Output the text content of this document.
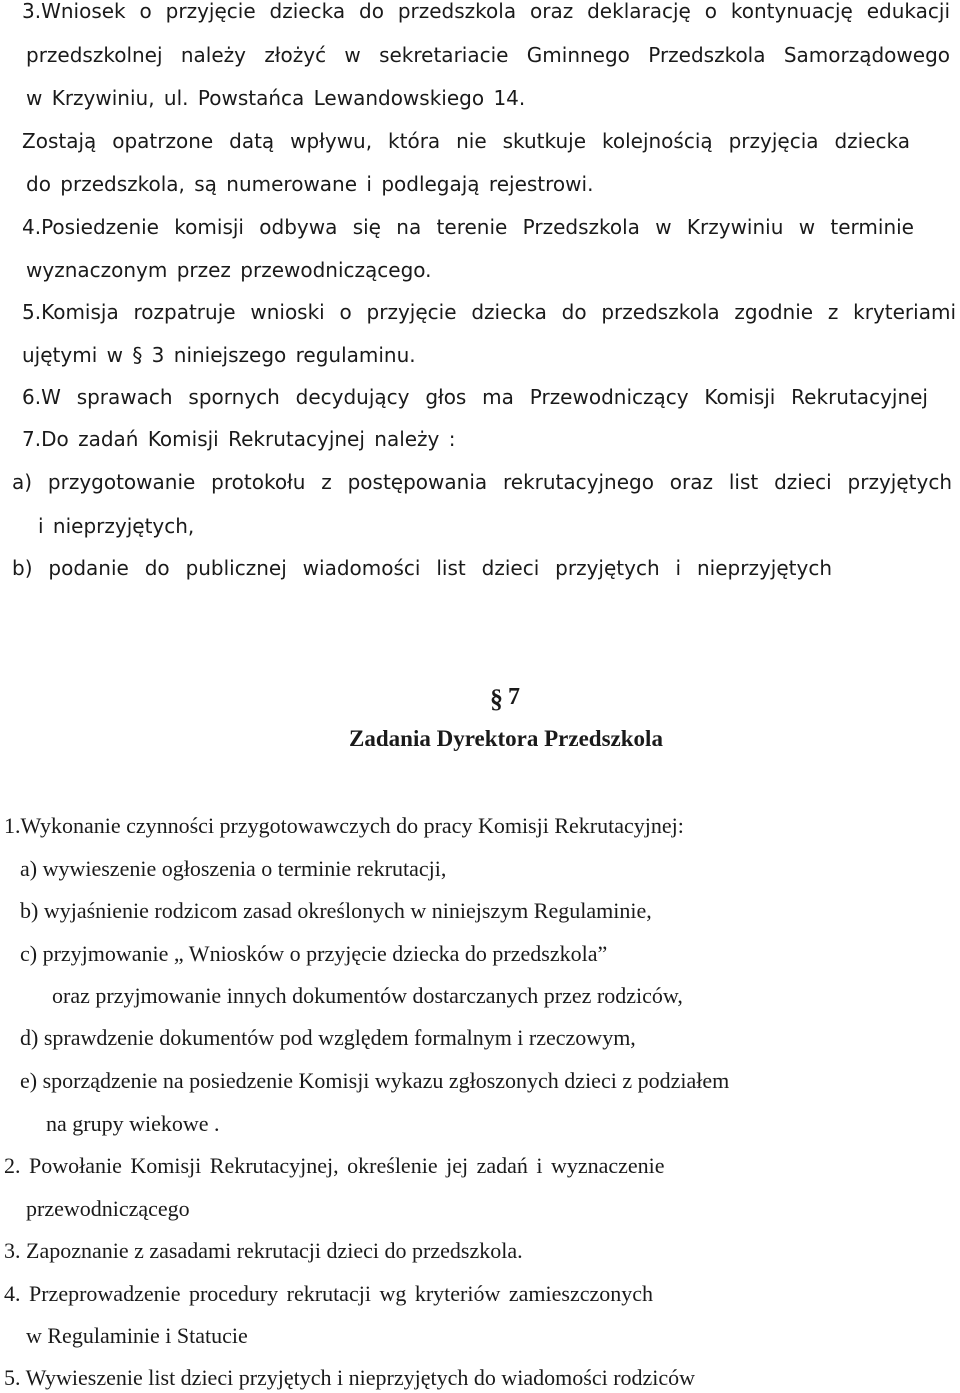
3.Wniosek o przyjęcie dziecka do przedszkola oraz deklarację o kontynuację edukacji
przedszkolnej należy złożyć w sekretariacie Gminnego Przedszkola Samorządowego
w Krzywiniu, ul. Powstańca Lewandowskiego 14.
Zostają opatrzone datą wpływu, która nie skutkuje kolejnością przyjęcia dziecka
do przedszkola, są numerowane i podlegają rejestrowi.
4.Posiedzenie komisji odbywa się na terenie Przedszkola w Krzywiniu w terminie
wyznaczonym przez przewodniczącego.
5.Komisja rozpatruje wnioski o przyjęcie dziecka do przedszkola zgodnie z kryteriami
ujętymi w § 3 niniejszego regulaminu.
6.W sprawach spornych decydujący głos ma Przewodniczący Komisji Rekrutacyjnej
7.Do zadań Komisji Rekrutacyjnej należy :
a) przygotowanie protokołu z postępowania rekrutacyjnego oraz list dzieci przyjętych
i nieprzyjętych,
b) podanie do publicznej wiadomości list dzieci przyjętych i nieprzyjętych
§ 7
Zadania Dyrektora Przedszkola
1.Wykonanie czynności przygotowawczych do pracy Komisji Rekrutacyjnej:
a) wywieszenie ogłoszenia o terminie rekrutacji,
b) wyjaśnienie rodzicom zasad określonych w niniejszym Regulaminie,
c) przyjmowanie „ Wniosków o przyjęcie dziecka do przedszkola”
oraz przyjmowanie innych dokumentów dostarczanych przez rodziców,
d) sprawdzenie dokumentów pod względem formalnym i rzeczowym,
e) sporządzenie na posiedzenie Komisji wykazu zgłoszonych dzieci z podziałem
na grupy wiekowe .
2. Powołanie Komisji Rekrutacyjnej, określenie jej zadań i wyznaczenie
przewodniczącego
3. Zapoznanie z zasadami rekrutacji dzieci do przedszkola.
4. Przeprowadzenie procedury rekrutacji wg kryteriów zamieszczonych
w Regulaminie i Statucie
5. Wywieszenie list dzieci przyjętych i nieprzyjętych do wiadomości rodziców
